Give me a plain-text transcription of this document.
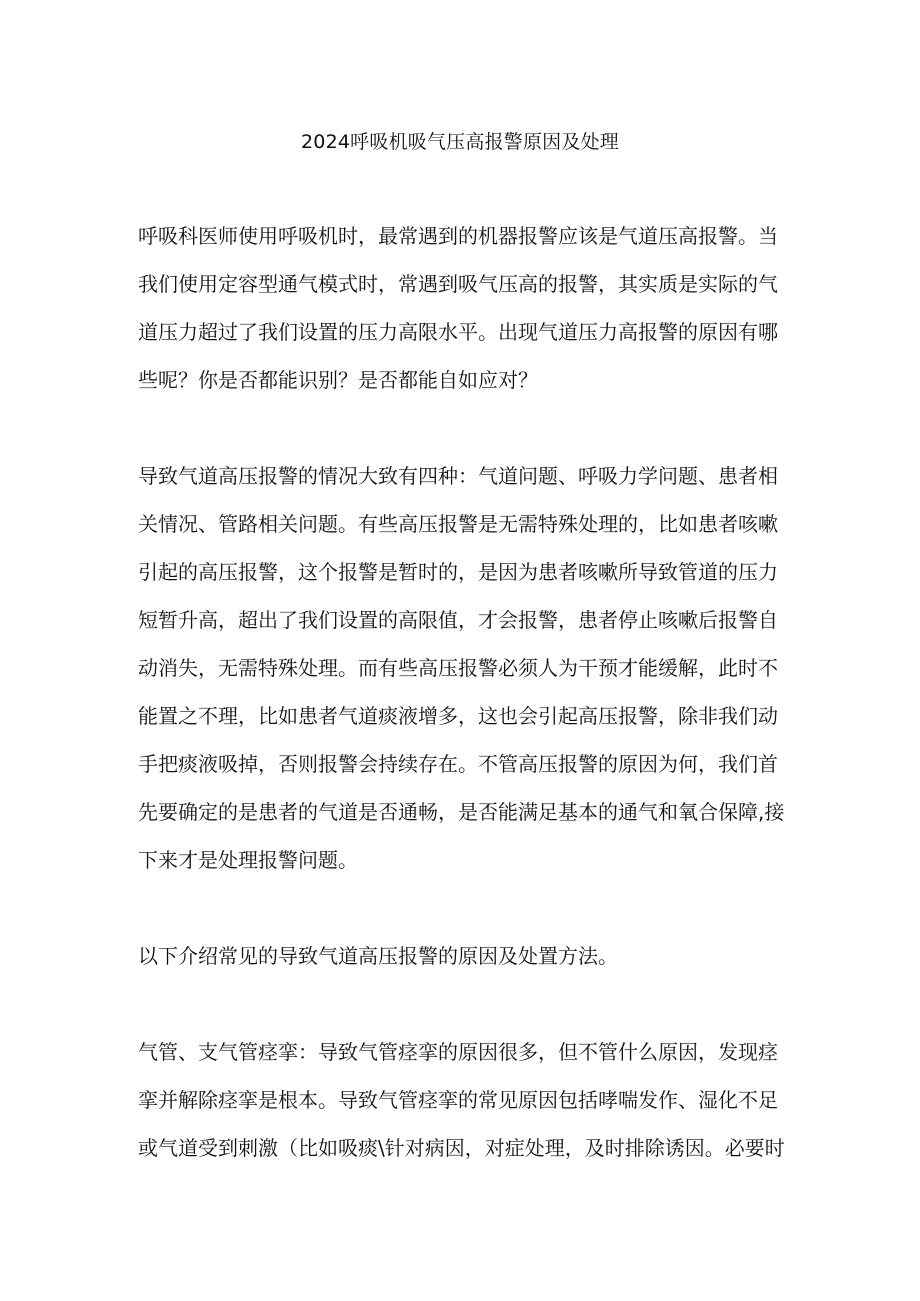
2024呼吸机吸气压高报警原因及处理

呼吸科医师使用呼吸机时，最常遇到的机器报警应该是气道压高报警。当
我们使用定容型通气模式时，常遇到吸气压高的报警，其实质是实际的气
道压力超过了我们设置的压力高限水平。出现气道压力高报警的原因有哪
些呢？你是否都能识别？是否都能自如应对？

导致气道高压报警的情况大致有四种：气道问题、呼吸力学问题、患者相
关情况、管路相关问题。有些高压报警是无需特殊处理的，比如患者咳嗽
引起的高压报警，这个报警是暂时的，是因为患者咳嗽所导致管道的压力
短暂升高，超出了我们设置的高限值，才会报警，患者停止咳嗽后报警自
动消失，无需特殊处理。而有些高压报警必须人为干预才能缓解，此时不
能置之不理，比如患者气道痰液增多，这也会引起高压报警，除非我们动
手把痰液吸掉，否则报警会持续存在。不管高压报警的原因为何，我们首
先要确定的是患者的气道是否通畅，是否能满足基本的通气和氧合保障,接
下来才是处理报警问题。

以下介绍常见的导致气道高压报警的原因及处置方法。

气管、支气管痉挛：导致气管痉挛的原因很多，但不管什么原因，发现痉
挛并解除痉挛是根本。导致气管痉挛的常见原因包括哮喘发作、湿化不足
或气道受到刺激（比如吸痰\针对病因，对症处理，及时排除诱因。必要时
